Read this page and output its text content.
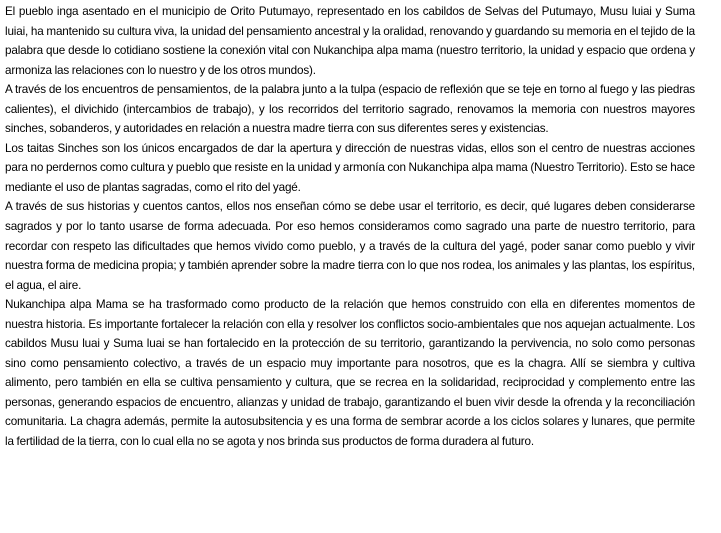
El pueblo inga asentado en el municipio de Orito Putumayo, representado en los cabildos de Selvas del Putumayo, Musu luiai y Suma luiai, ha mantenido su cultura viva, la unidad del pensamiento ancestral y la oralidad, renovando y guardando su memoria en el tejido de la palabra que desde lo cotidiano sostiene la conexión vital con Nukanchipa alpa mama (nuestro territorio, la unidad y espacio que ordena y armoniza las relaciones con lo nuestro y de los otros mundos).

A través de los encuentros de pensamientos, de la palabra junto a la tulpa (espacio de reflexión que se teje en torno al fuego y las piedras calientes), el divichido (intercambios de trabajo), y los recorridos del territorio sagrado, renovamos la memoria con nuestros mayores sinches, sobanderos, y autoridades en relación a nuestra madre tierra con sus diferentes seres y existencias.

Los taitas Sinches son los únicos encargados de dar la apertura y dirección de nuestras vidas, ellos son el centro de nuestras acciones para no perdernos como cultura y pueblo que resiste en la unidad y armonía con Nukanchipa alpa mama (Nuestro Territorio). Esto se hace mediante el uso de plantas sagradas, como el rito del yagé.

A través de sus historias y cuentos cantos, ellos nos enseñan cómo se debe usar el territorio, es decir, qué lugares deben considerarse sagrados y por lo tanto usarse de forma adecuada. Por eso hemos consideramos como sagrado una parte de nuestro territorio, para recordar con respeto las dificultades que hemos vivido como pueblo, y a través de la cultura del yagé, poder sanar como pueblo y vivir nuestra forma de medicina propia; y también aprender sobre la madre tierra con lo que nos rodea, los animales y las plantas, los espíritus, el agua, el aire.

Nukanchipa alpa Mama se ha trasformado como producto de la relación que hemos construido con ella en diferentes momentos de nuestra historia. Es importante fortalecer la relación con ella y resolver los conflictos socio-ambientales que nos aquejan actualmente. Los cabildos Musu luai y Suma luai se han fortalecido en la protección de su territorio, garantizando la pervivencia, no solo como personas sino como pensamiento colectivo, a través de un espacio muy importante para nosotros, que es la chagra. Allí se siembra y cultiva alimento, pero también en ella se cultiva pensamiento y cultura, que se recrea en la solidaridad, reciprocidad y complemento entre las personas, generando espacios de encuentro, alianzas y unidad de trabajo, garantizando el buen vivir desde la ofrenda y la reconciliación comunitaria. La chagra además, permite la autosubsitencia y es una forma de sembrar acorde a los ciclos solares y lunares, que permite la fertilidad de la tierra, con lo cual ella no se agota y nos brinda sus productos de forma duradera al futuro.
